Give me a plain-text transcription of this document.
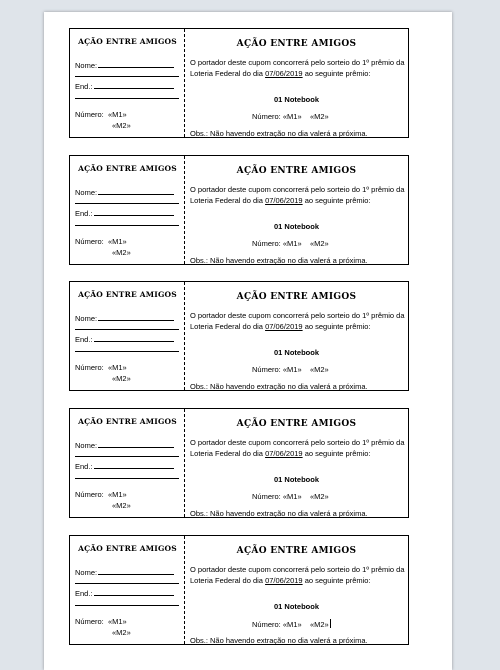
AÇÃO ENTRE AMIGOS
Nome:
End.:
Número: «M1»
«M2»
AÇÃO ENTRE AMIGOS
O portador deste cupom concorrerá pelo sorteio do 1º prêmio da Loteria Federal do dia 07/06/2019 ao seguinte prêmio:
01 Notebook
Número: «M1» «M2»
Obs.: Não havendo extração no dia valerá a próxima.
AÇÃO ENTRE AMIGOS
Nome:
End.:
Número: «M1»
«M2»
AÇÃO ENTRE AMIGOS
O portador deste cupom concorrerá pelo sorteio do 1º prêmio da Loteria Federal do dia 07/06/2019 ao seguinte prêmio:
01 Notebook
Número: «M1» «M2»
Obs.: Não havendo extração no dia valerá a próxima.
AÇÃO ENTRE AMIGOS
Nome:
End.:
Número: «M1»
«M2»
AÇÃO ENTRE AMIGOS
O portador deste cupom concorrerá pelo sorteio do 1º prêmio da Loteria Federal do dia 07/06/2019 ao seguinte prêmio:
01 Notebook
Número: «M1» «M2»
Obs.: Não havendo extração no dia valerá a próxima.
AÇÃO ENTRE AMIGOS
Nome:
End.:
Número: «M1»
«M2»
AÇÃO ENTRE AMIGOS
O portador deste cupom concorrerá pelo sorteio do 1º prêmio da Loteria Federal do dia 07/06/2019 ao seguinte prêmio:
01 Notebook
Número: «M1» «M2»
Obs.: Não havendo extração no dia valerá a próxima.
AÇÃO ENTRE AMIGOS
Nome:
End.:
Número: «M1»
«M2»
AÇÃO ENTRE AMIGOS
O portador deste cupom concorrerá pelo sorteio do 1º prêmio da Loteria Federal do dia 07/06/2019 ao seguinte prêmio:
01 Notebook
Número: «M1» «M2»
Obs.: Não havendo extração no dia valerá a próxima.
